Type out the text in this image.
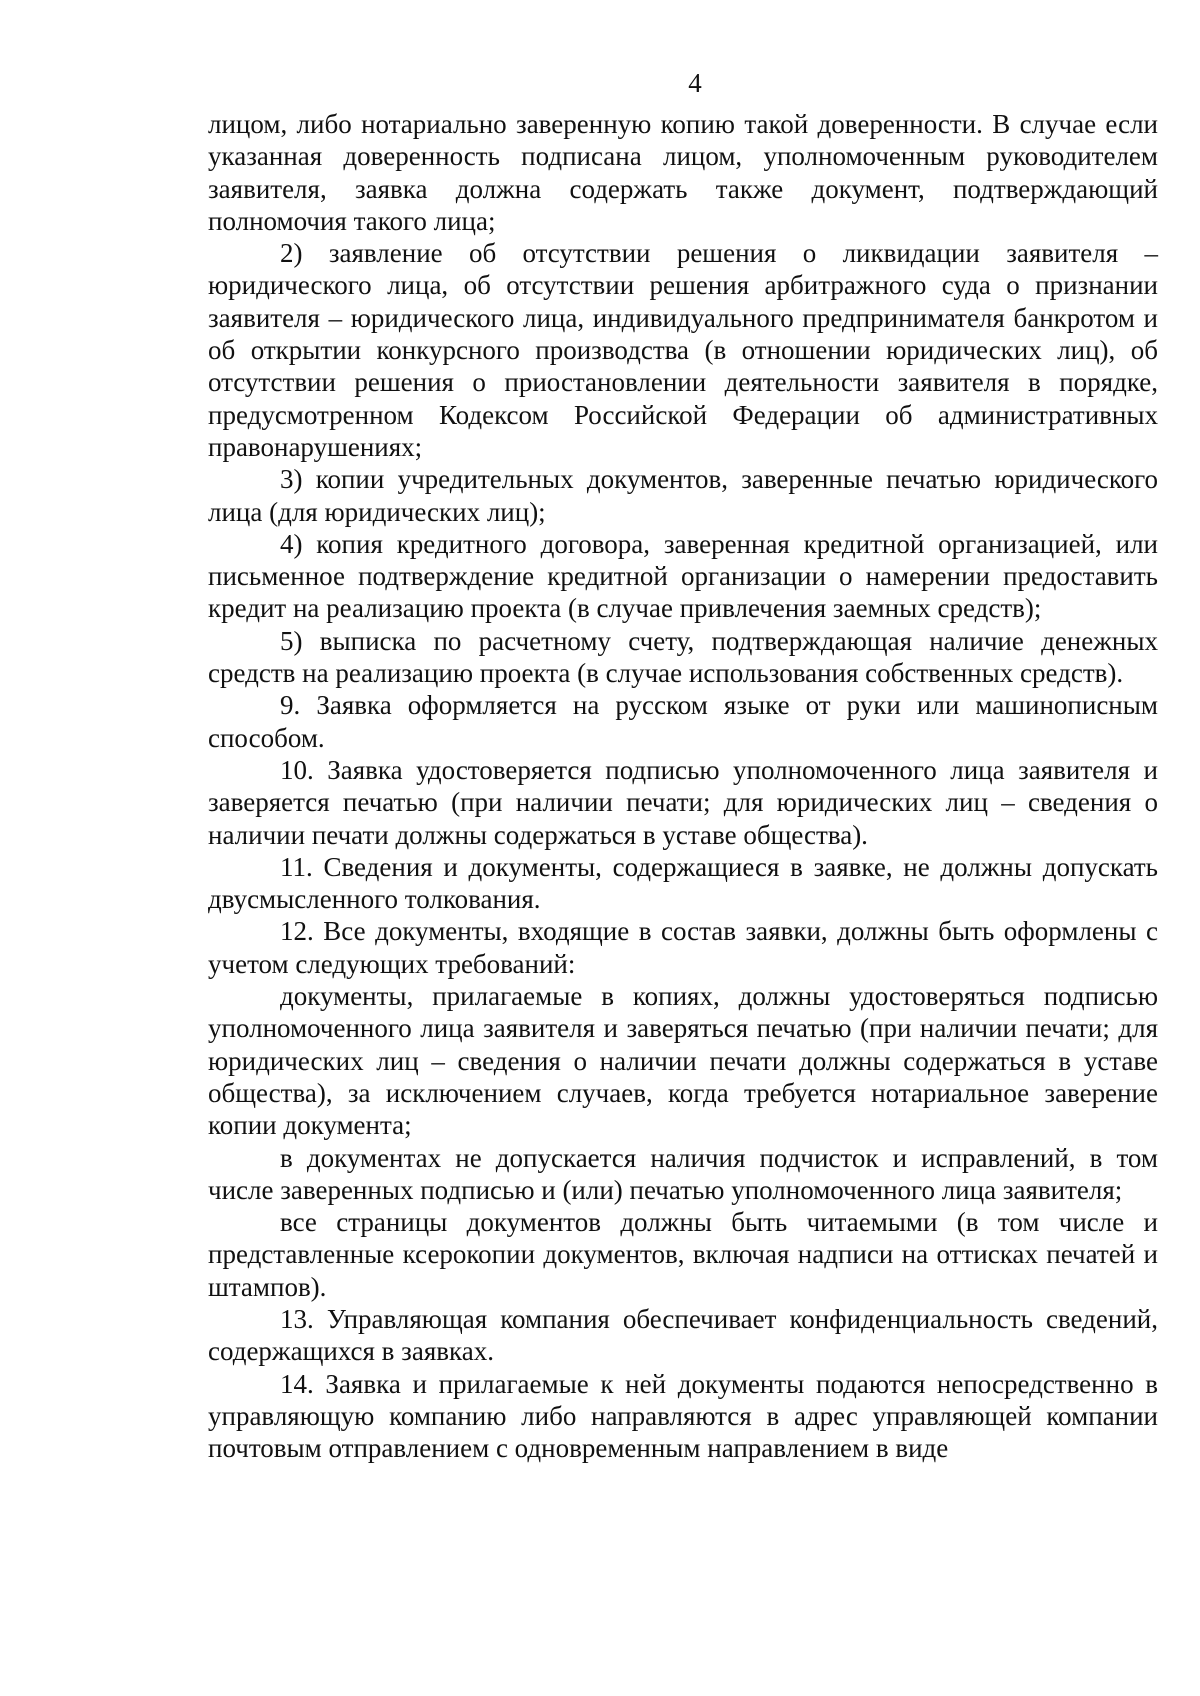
4

лицом, либо нотариально заверенную копию такой доверенности. В случае если указанная доверенность подписана лицом, уполномоченным руководителем заявителя, заявка должна содержать также документ, подтверждающий полномочия такого лица;

2) заявление об отсутствии решения о ликвидации заявителя – юридического лица, об отсутствии решения арбитражного суда о признании заявителя – юридического лица, индивидуального предпринимателя банкротом и об открытии конкурсного производства (в отношении юридических лиц), об отсутствии решения о приостановлении деятельности заявителя в порядке, предусмотренном Кодексом Российской Федерации об административных правонарушениях;

3) копии учредительных документов, заверенные печатью юридического лица (для юридических лиц);

4) копия кредитного договора, заверенная кредитной организацией, или письменное подтверждение кредитной организации о намерении предоставить кредит на реализацию проекта (в случае привлечения заемных средств);

5) выписка по расчетному счету, подтверждающая наличие денежных средств на реализацию проекта (в случае использования собственных средств).

9. Заявка оформляется на русском языке от руки или машинописным способом.

10. Заявка удостоверяется подписью уполномоченного лица заявителя и заверяется печатью (при наличии печати; для юридических лиц – сведения о наличии печати должны содержаться в уставе общества).

11. Сведения и документы, содержащиеся в заявке, не должны допускать двусмысленного толкования.

12. Все документы, входящие в состав заявки, должны быть оформлены с учетом следующих требований:

документы, прилагаемые в копиях, должны удостоверяться подписью уполномоченного лица заявителя и заверяться печатью (при наличии печати; для юридических лиц – сведения о наличии печати должны содержаться в уставе общества), за исключением случаев, когда требуется нотариальное заверение копии документа;

в документах не допускается наличия подчисток и исправлений, в том числе заверенных подписью и (или) печатью уполномоченного лица заявителя;

все страницы документов должны быть читаемыми (в том числе и представленные ксерокопии документов, включая надписи на оттисках печатей и штампов).

13. Управляющая компания обеспечивает конфиденциальность сведений, содержащихся в заявках.

14. Заявка и прилагаемые к ней документы подаются непосредственно в управляющую компанию либо направляются в адрес управляющей компании почтовым отправлением с одновременным направлением в виде
